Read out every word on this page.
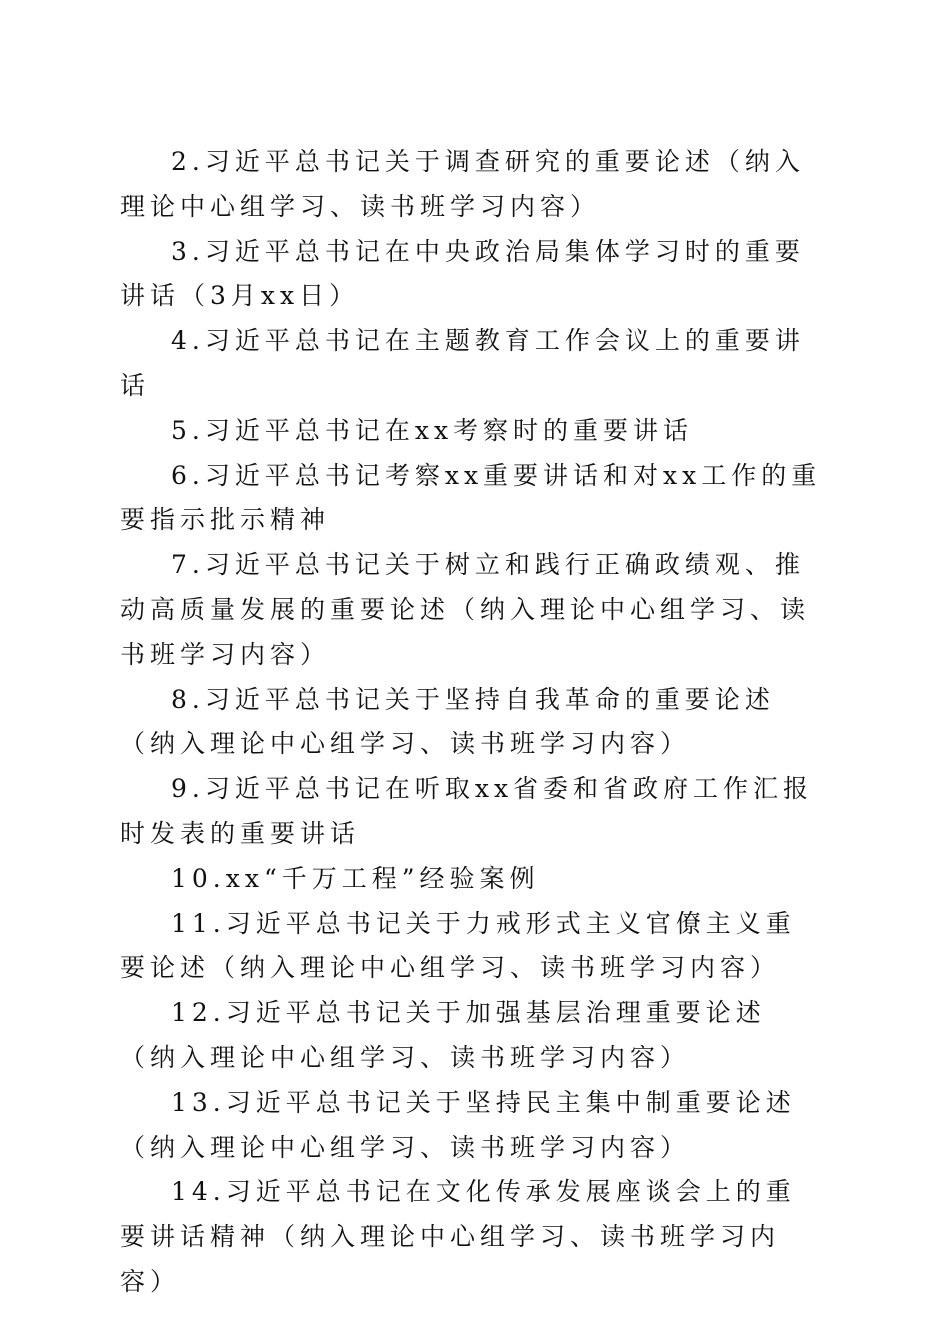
2.习近平总书记关于调查研究的重要论述（纳入理论中心组学习、读书班学习内容）

3.习近平总书记在中央政治局集体学习时的重要讲话（3月xx日）

4.习近平总书记在主题教育工作会议上的重要讲话

5.习近平总书记在xx考察时的重要讲话

6.习近平总书记考察xx重要讲话和对xx工作的重要指示批示精神

7.习近平总书记关于树立和践行正确政绩观、推动高质量发展的重要论述（纳入理论中心组学习、读书班学习内容）

8.习近平总书记关于坚持自我革命的重要论述（纳入理论中心组学习、读书班学习内容）

9.习近平总书记在听取xx省委和省政府工作汇报时发表的重要讲话

10.xx“千万工程”经验案例

11.习近平总书记关于力戒形式主义官僚主义重要论述（纳入理论中心组学习、读书班学习内容）

12.习近平总书记关于加强基层治理重要论述（纳入理论中心组学习、读书班学习内容）

13.习近平总书记关于坚持民主集中制重要论述（纳入理论中心组学习、读书班学习内容）

14.习近平总书记在文化传承发展座谈会上的重要讲话精神（纳入理论中心组学习、读书班学习内容）
